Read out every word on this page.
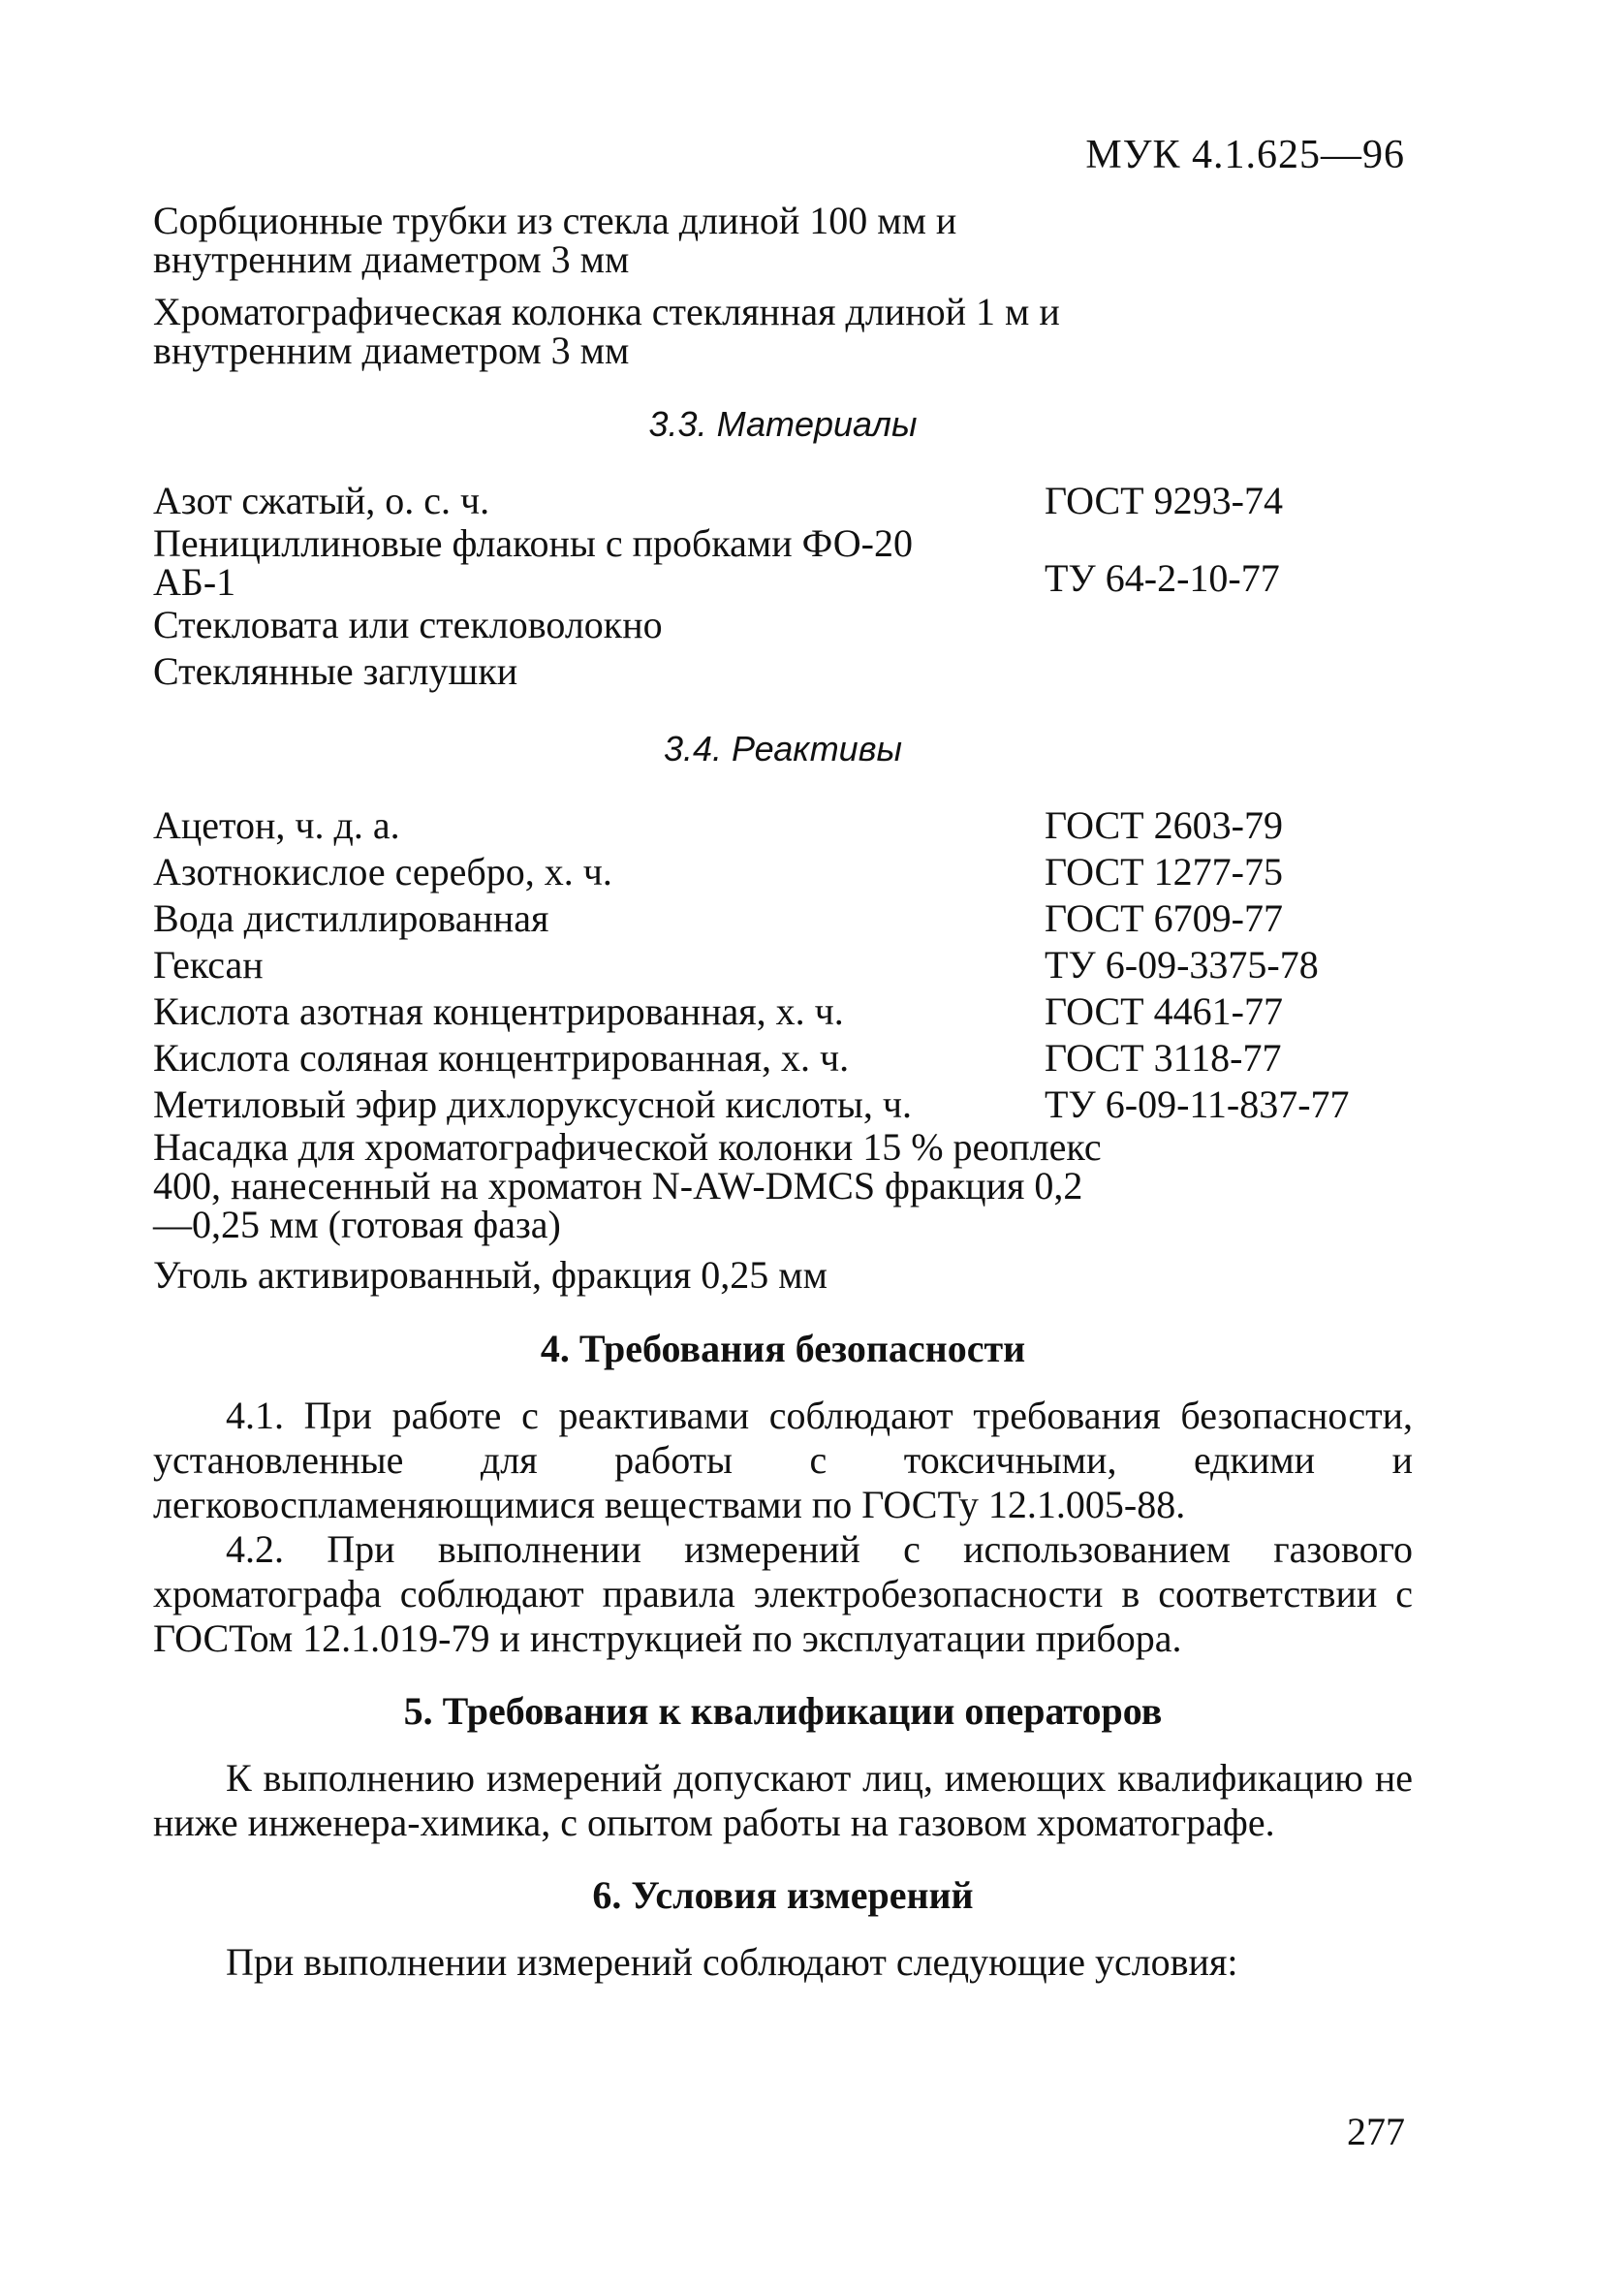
МУК 4.1.625—96
Сорбционные трубки из стекла длиной 100 мм и внутренним диаметром 3 мм
Хроматографическая колонка стеклянная длиной 1 м и внутренним диаметром 3 мм
3.3. Материалы
Азот сжатый, о. с. ч.	ГОСТ 9293-74
Пенициллиновые флаконы с пробками ФО-20 АБ-1	ТУ 64-2-10-77
Стекловата или стекловолокно
Стеклянные заглушки
3.4. Реактивы
Ацетон, ч. д. а.	ГОСТ 2603-79
Азотнокислое серебро, х. ч.	ГОСТ 1277-75
Вода дистиллированная	ГОСТ 6709-77
Гексан	ТУ 6-09-3375-78
Кислота азотная концентрированная, х. ч.	ГОСТ 4461-77
Кислота соляная концентрированная, х. ч.	ГОСТ 3118-77
Метиловый эфир дихлоруксусной кислоты, ч.	ТУ 6-09-11-837-77
Насадка для хроматографической колонки 15 % реоплекс 400, нанесенный на хроматон N-AW-DMCS фракция 0,2—0,25 мм (готовая фаза)
Уголь активированный, фракция 0,25 мм
4. Требования безопасности

4.1. При работе с реактивами соблюдают требования безопасности, установленные для работы с токсичными, едкими и легковоспламеняющимися веществами по ГОСТу 12.1.005-88.

4.2. При выполнении измерений с использованием газового хроматографа соблюдают правила электробезопасности в соответствии с ГОСТом 12.1.019-79 и инструкцией по эксплуатации прибора.

5. Требования к квалификации операторов

К выполнению измерений допускают лиц, имеющих квалификацию не ниже инженера-химика, с опытом работы на газовом хроматографе.

6. Условия измерений

При выполнении измерений соблюдают следующие условия:

277
